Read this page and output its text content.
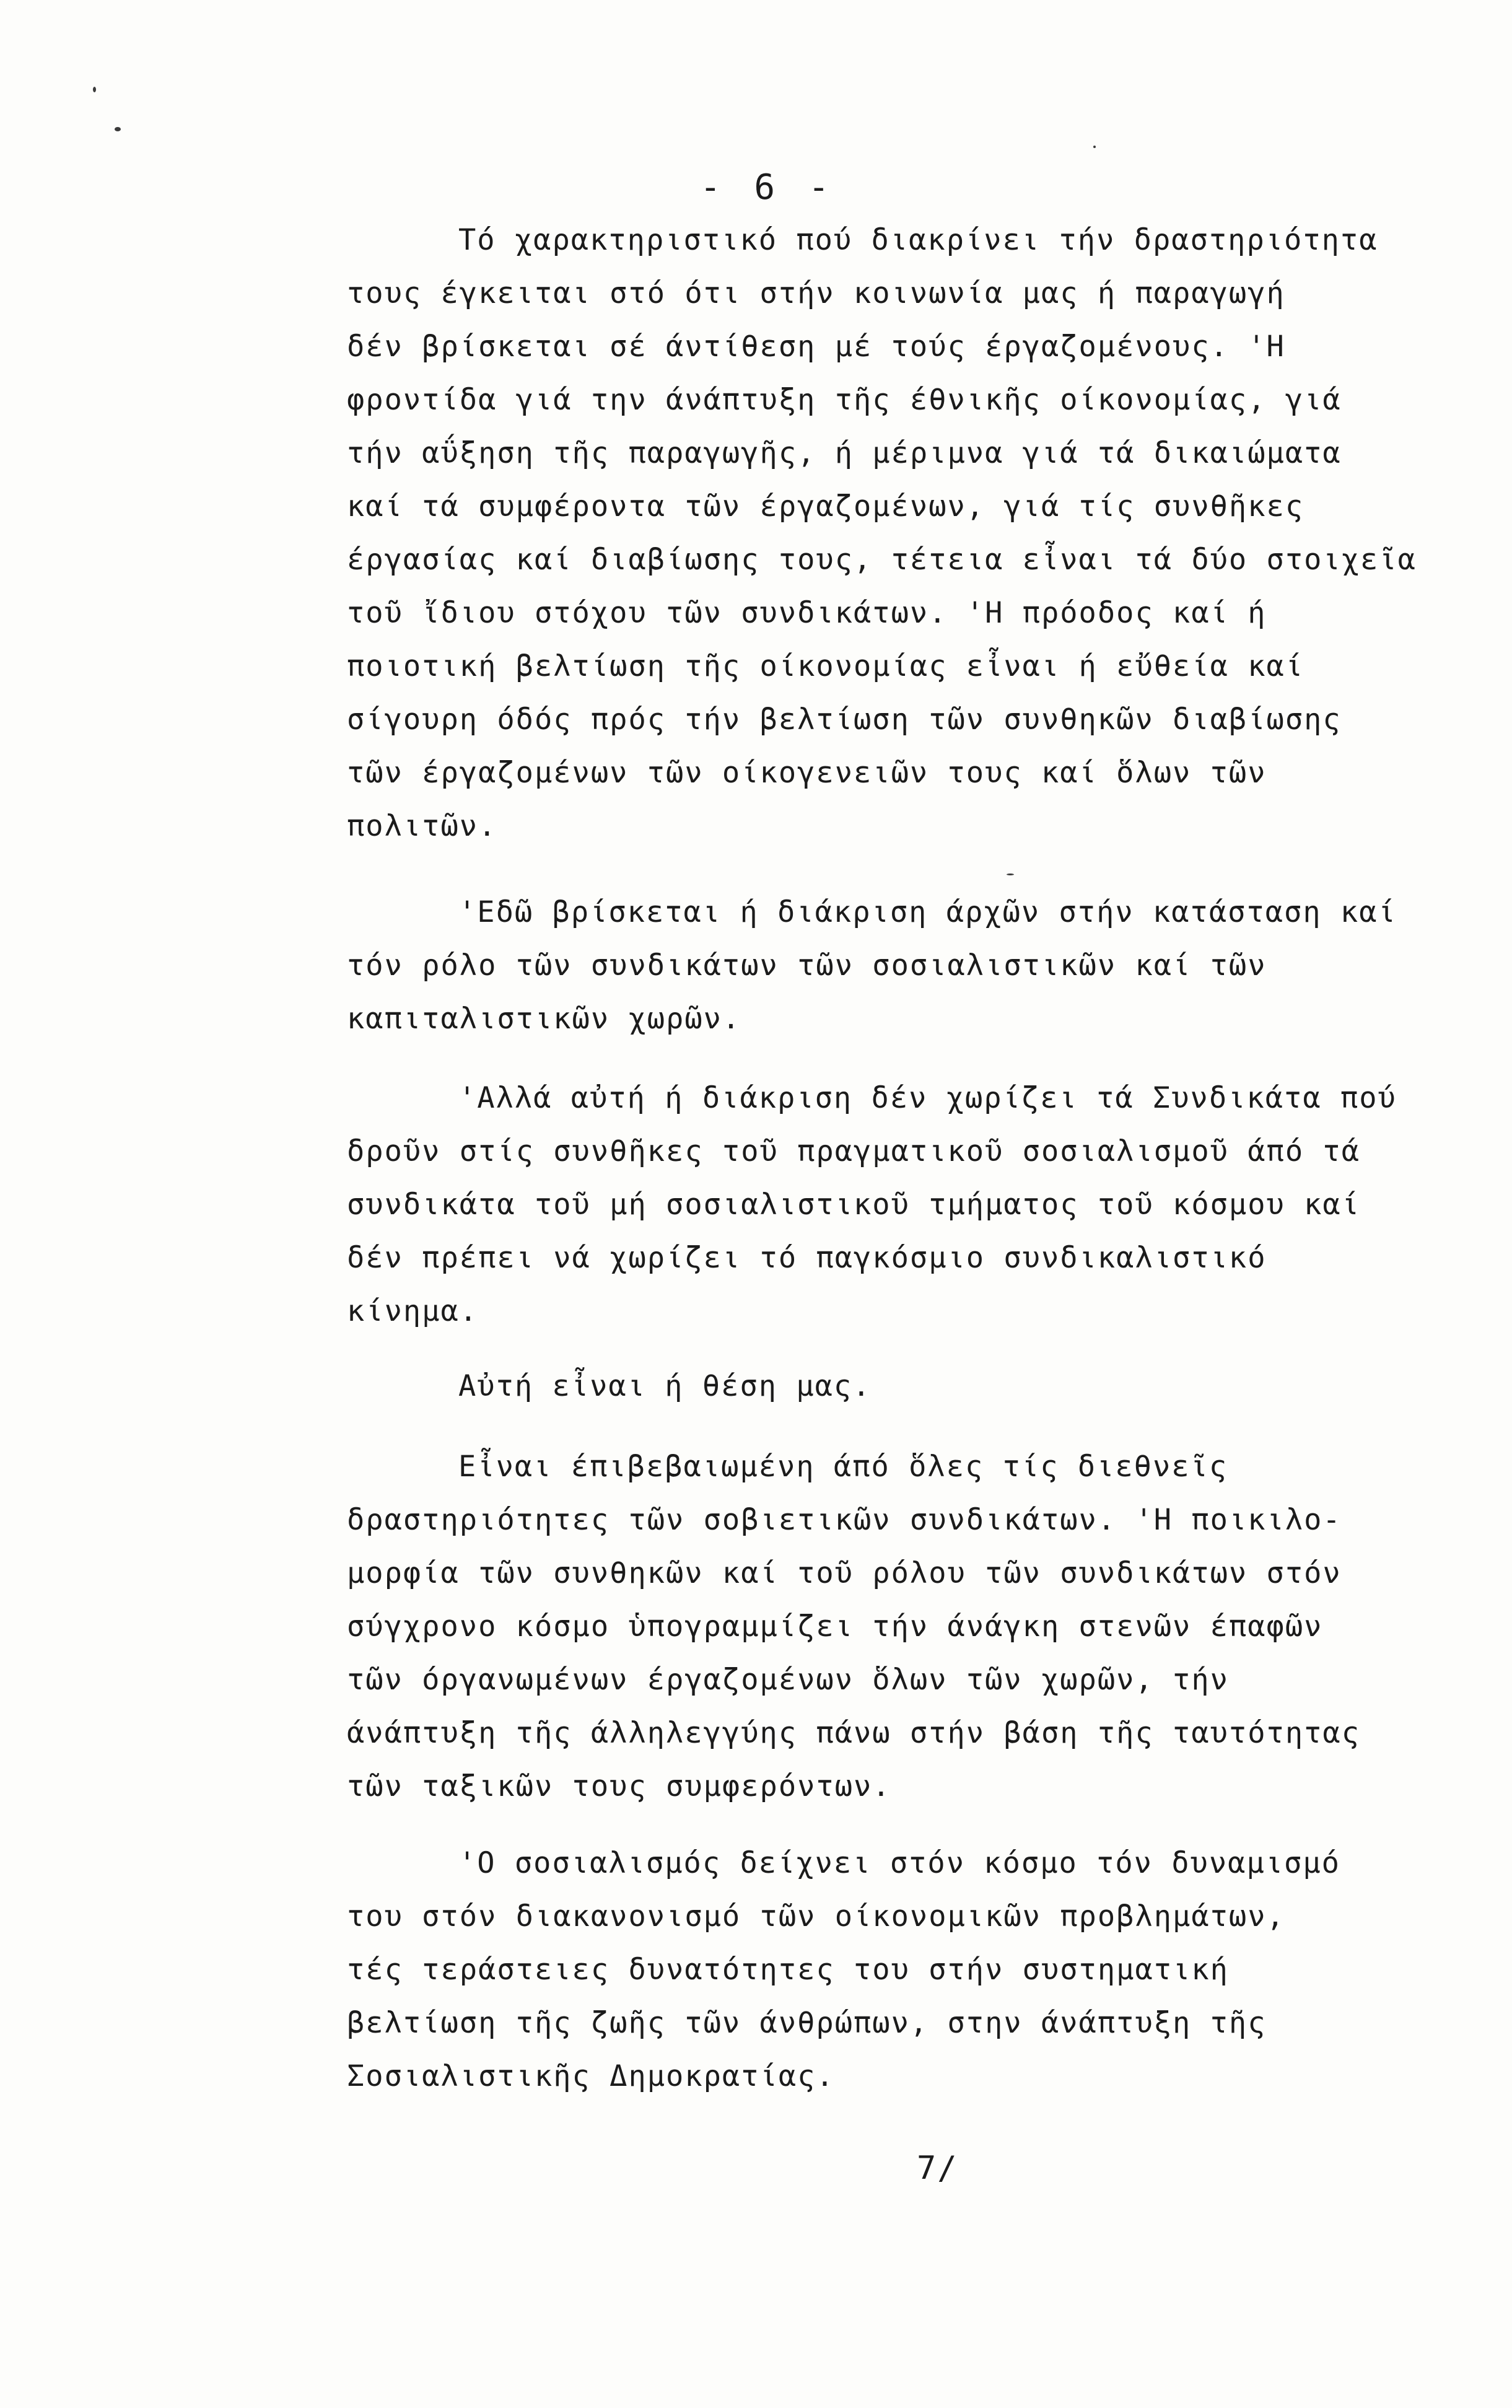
- 6 -
Τό χαρακτηριστικό πού διακρίνει τήν δραστηριότητα
τους έγκειται στό ότι στήν κοινωνία μας ή παραγωγή
δέν βρίσκεται σέ άντίθεση μέ τούς έργαζομένους. 'Η
φροντίδα γιά την άνάπτυξη τῆς έθνικῆς οίκονομίας, γιά
τήν αΰξηση τῆς παραγωγῆς, ή μέριμνα γιά τά δικαιώματα
καί τά συμφέροντα τῶν έργαζομένων, γιά τίς συνθῆκες
έργασίας καί διαβίωσης τους, τέτεια εἶναι τά δύο στοιχεῖα
τοῦ ἴδιου στόχου τῶν συνδικάτων. 'Η πρόοδος καί ή
ποιοτική βελτίωση τῆς οίκονομίας εἶναι ή εὔθεία καί
σίγουρη όδός πρός τήν βελτίωση τῶν συνθηκῶν διαβίωσης
τῶν έργαζομένων τῶν οίκογενειῶν τους καί ὅλων τῶν
πολιτῶν.
'Εδῶ βρίσκεται ή διάκριση άρχῶν στήν κατάσταση καί
τόν ρόλο τῶν συνδικάτων τῶν σοσιαλιστικῶν καί τῶν
καπιταλιστικῶν χωρῶν.
'Αλλά αὐτή ή διάκριση δέν χωρίζει τά Συνδικάτα πού
δροῦν στίς συνθῆκες τοῦ πραγματικοῦ σοσιαλισμοῦ άπό τά
συνδικάτα τοῦ μή σοσιαλιστικοῦ τμήματος τοῦ κόσμου καί
δέν πρέπει νά χωρίζει τό παγκόσμιο συνδικαλιστικό
κίνημα.
Αὐτή εἶναι ή θέση μας.
Εἶναι έπιβεβαιωμένη άπό ὅλες τίς διεθνεῖς
δραστηριότητες τῶν σοβιετικῶν συνδικάτων. 'Η ποικιλο-
μορφία τῶν συνθηκῶν καί τοῦ ρόλου τῶν συνδικάτων στόν
σύγχρονο κόσμο ὑπογραμμίζει τήν άνάγκη στενῶν έπαφῶν
τῶν όργανωμένων έργαζομένων ὅλων τῶν χωρῶν, τήν
άνάπτυξη τῆς άλληλεγγύης πάνω στήν βάση τῆς ταυτότητας
τῶν ταξικῶν τους συμφερόντων.
'Ο σοσιαλισμός δείχνει στόν κόσμο τόν δυναμισμό
του στόν διακανονισμό τῶν οίκονομικῶν προβλημάτων,
τές τεράστειες δυνατότητες του στήν συστηματική
βελτίωση τῆς ζωῆς τῶν άνθρώπων, στην άνάπτυξη τῆς
Σοσιαλιστικῆς Δημοκρατίας.
7/
